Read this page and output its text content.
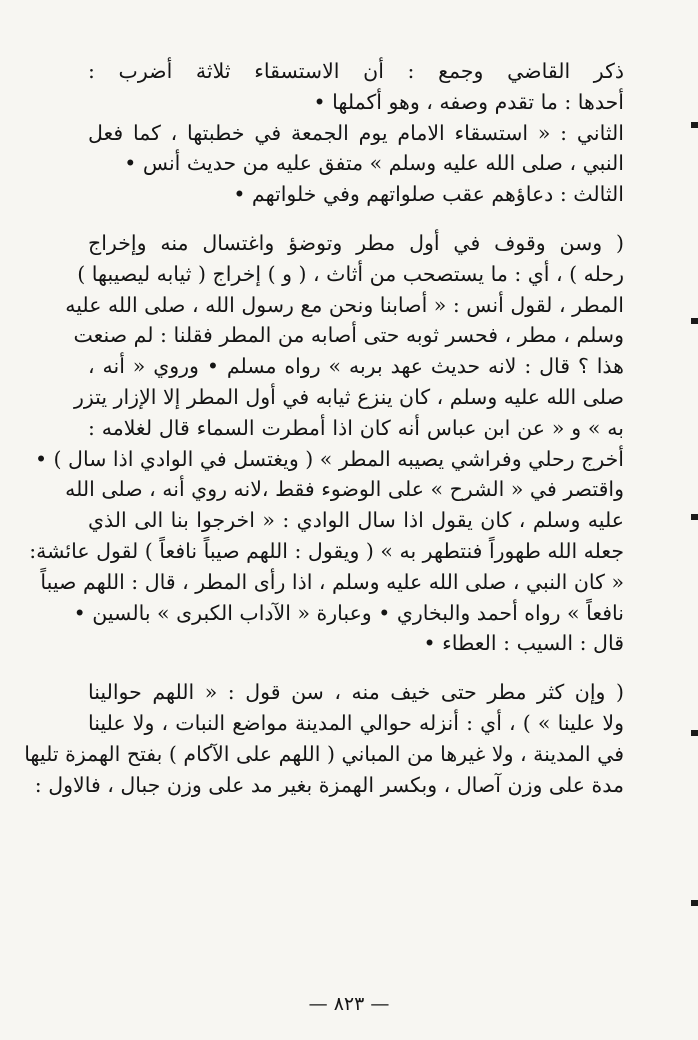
ذكر القاضي وجمع : أن الاستسقاء ثلاثة أضرب :
أحدها : ما تقدم وصفه ، وهو أكملها •
الثاني : « استسقاء الامام يوم الجمعة في خطبتها ، كما فعل
النبي ، صلى الله عليه وسلم » متفق عليه من حديث أنس •
الثالث : دعاؤهم عقب صلواتهم وفي خلواتهم •
( وسن وقوف في أول مطر وتوضؤ واغتسال منه وإخراج
رحله ) ، أي : ما يستصحب من أثاث ، ( و ) إخراج ( ثيابه ليصيبها )
المطر ، لقول أنس : « أصابنا ونحن مع رسول الله ، صلى الله عليه
وسلم ، مطر ، فحسر ثوبه حتى أصابه من المطر فقلنا : لم صنعت
هذا ؟ قال : لانه حديث عهد بربه » رواه مسلم • وروي « أنه ،
صلى الله عليه وسلم ، كان ينزع ثيابه في أول المطر إلا الإزار يتزر
به » و « عن ابن عباس أنه كان اذا أمطرت السماء قال لغلامه :
أخرج رحلي وفراشي يصيبه المطر » ( ويغتسل في الوادي اذا سال ) •
واقتصر في « الشرح » على الوضوء فقط ،لانه روي أنه ، صلى الله
عليه وسلم ، كان يقول اذا سال الوادي : « اخرجوا بنا الى الذي
جعله الله طهوراً فنتطهر به » ( ويقول : اللهم صيباً نافعاً ) لقول عائشة:
« كان النبي ، صلى الله عليه وسلم ، اذا رأى المطر ، قال : اللهم صيباً
نافعاً » رواه أحمد والبخاري • وعبارة « الآداب الكبرى » بالسين •
قال : السيب : العطاء •
( وإن كثر مطر حتى خيف منه ، سن قول : « اللهم حوالينا
ولا علينا » ) ، أي : أنزله حوالي المدينة مواضع النبات ، ولا علينا
في المدينة ، ولا غيرها من المباني ( اللهم على الآكام ) بفتح الهمزة تليها
مدة على وزن آصال ، وبكسر الهمزة بغير مد على وزن جبال ، فالاول :
— ٨٢٣ —
